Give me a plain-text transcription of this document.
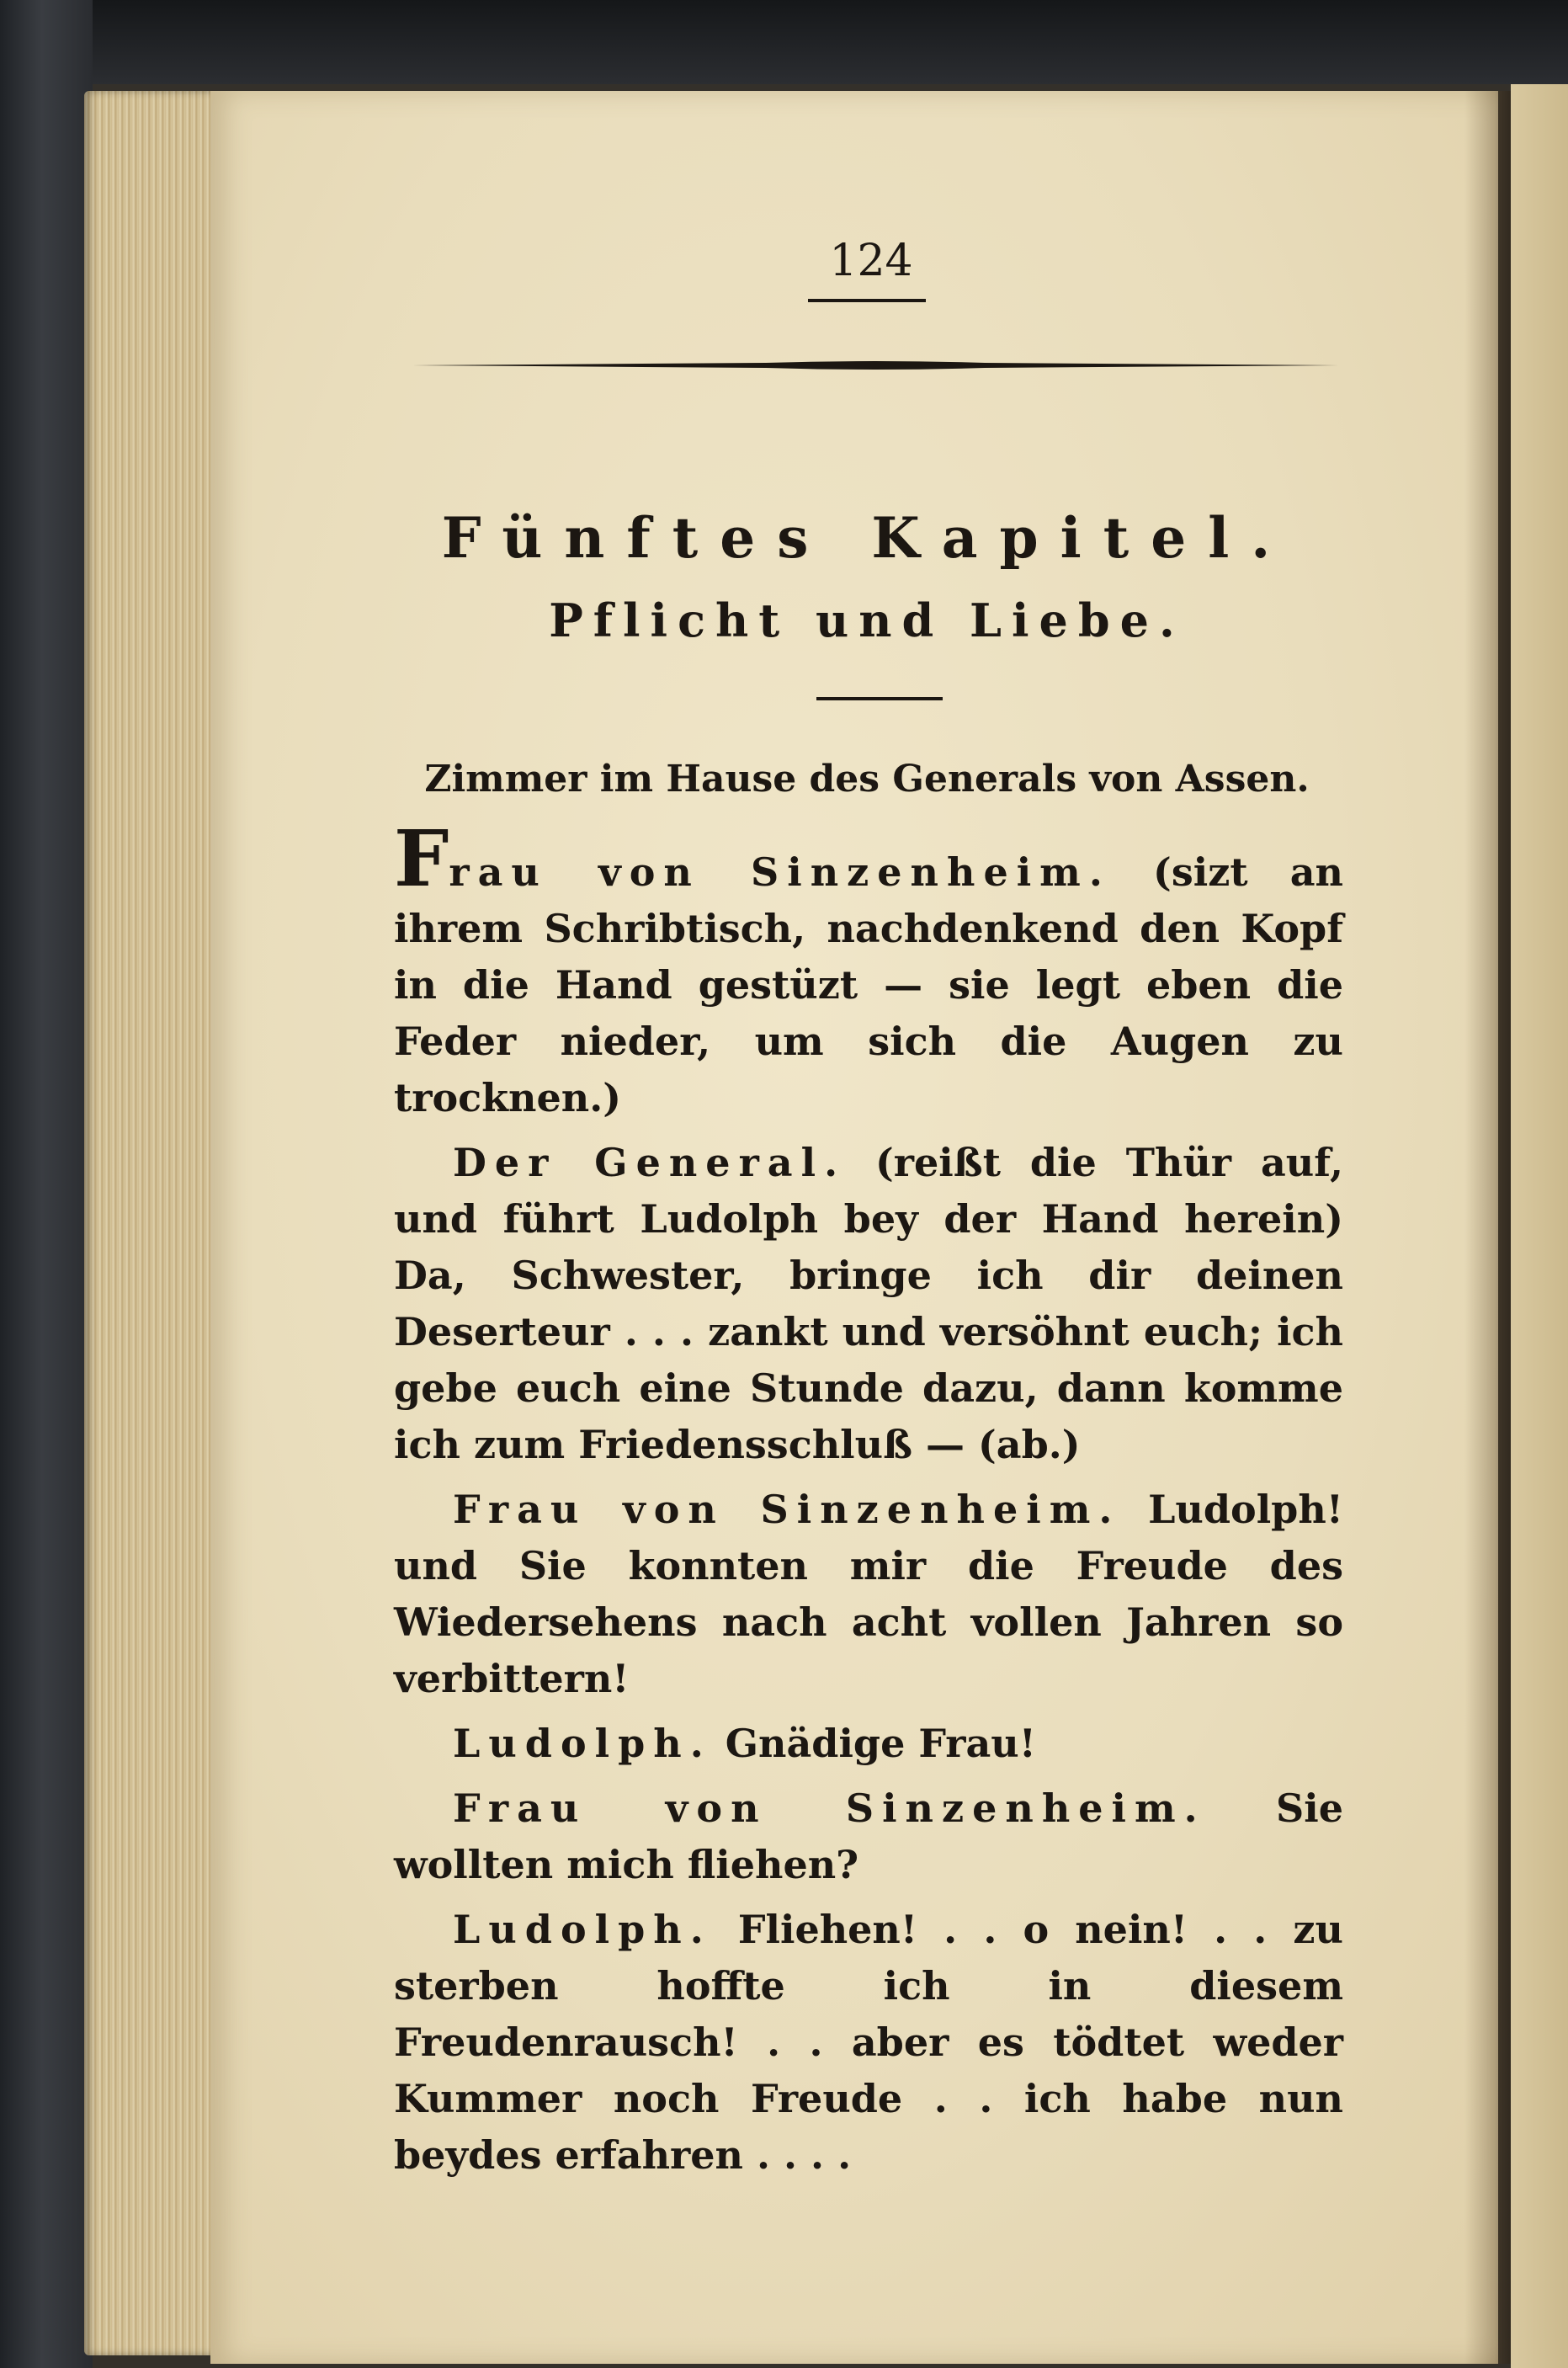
124
Fünftes Kapitel.
Pflicht und Liebe.
Zimmer im Hause des Generals von Assen.

Frau von Sinzenheim. (sizt an ihrem Schribtisch, nachdenkend den Kopf in die Hand gestüzt — sie legt eben die Feder nieder, um sich die Augen zu trocknen.)

Der General. (reißt die Thür auf, und führt Ludolph bey der Hand herein) Da, Schwester, bringe ich dir deinen Deserteur . . . zankt und versöhnt euch; ich gebe euch eine Stunde dazu, dann komme ich zum Friedensschluß — (ab.)

Frau von Sinzenheim. Ludolph! und Sie konnten mir die Freude des Wiedersehens nach acht vollen Jahren so verbittern!

Ludolph. Gnädige Frau!

Frau von Sinzenheim. Sie wollten mich fliehen?

Ludolph. Fliehen! . . o nein! . . zu sterben hoffte ich in diesem Freudenrausch! . . aber es tödtet weder Kummer noch Freude . . ich habe nun beydes erfahren . . . .
